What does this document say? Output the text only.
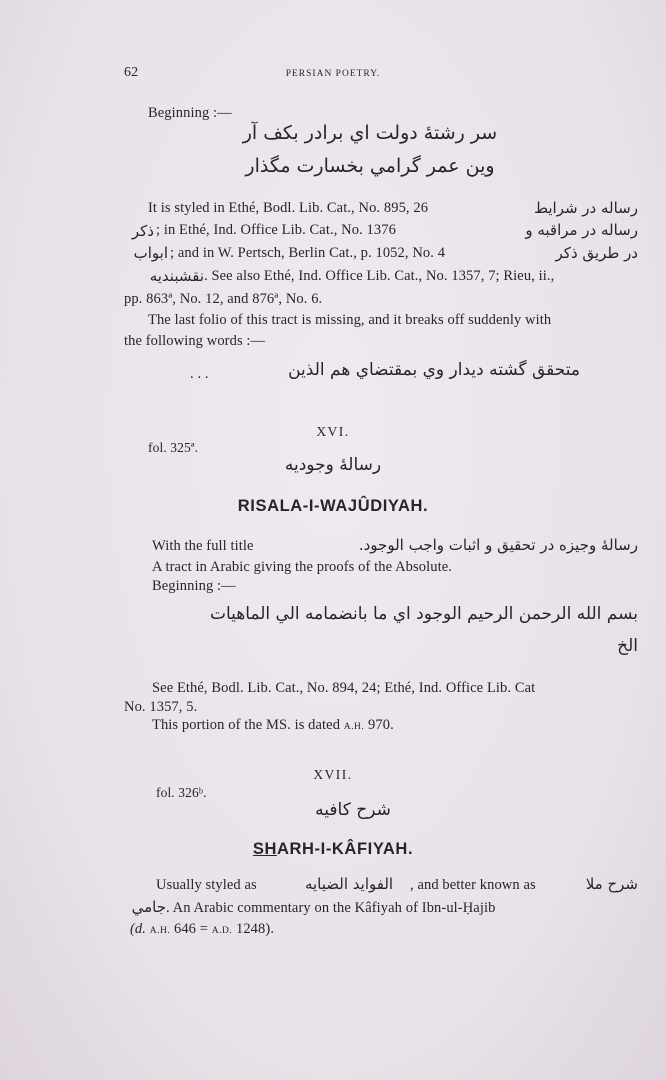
62	PERSIAN POETRY.
Beginning :—
سر رشتۀ دولت اي برادر بكف آر
وين عمر گرامي بخسارت مگذار
It is styled in Ethé, Bodl. Lib. Cat., No. 895, 26	رساله در شرايط
ذكر ; in Ethé, Ind. Office Lib. Cat., No. 1376	رساله در مراقبه و
ابواب ; and in W. Pertsch, Berlin Cat., p. 1052, No. 4	در طريق ذكر
نقشبنديه . See also Ethé, Ind. Office Lib. Cat., No. 1357, 7; Rieu, ii.,
pp. 863ª, No. 12, and 876ª, No. 6.
The last folio of this tract is missing, and it breaks off suddenly with
the following words :—
متحقق گشته ديدار وي بمقتضاي هم الذين
. . .
XVI.
fol. 325ª.
رسالۀ وجوديه
RISALA-I-WAJÛDIYAH.
With the full title	رسالۀ وجيزه در تحقيق و اثبات واجب الوجود.
A tract in Arabic giving the proofs of the Absolute.
Beginning :—
بسم الله الرحمن الرحيم الوجود اي ما بانضمامه الي الماهيات
الخ
See Ethé, Bodl. Lib. Cat., No. 894, 24; Ethé, Ind. Office Lib. Cat
No. 1357, 5.
This portion of the MS. is dated A.H. 970.
XVII.
fol. 326ᵇ.
شرح كافيه
SHARH-I-KÂFIYAH.
Usually styled as	الفوايد الضيايه	, and better known as	شرح ملا
جامي . An Arabic commentary on the Kâfiyah of Ibn-ul-Ḥajib
(d. A.H. 646 = A.D. 1248).
